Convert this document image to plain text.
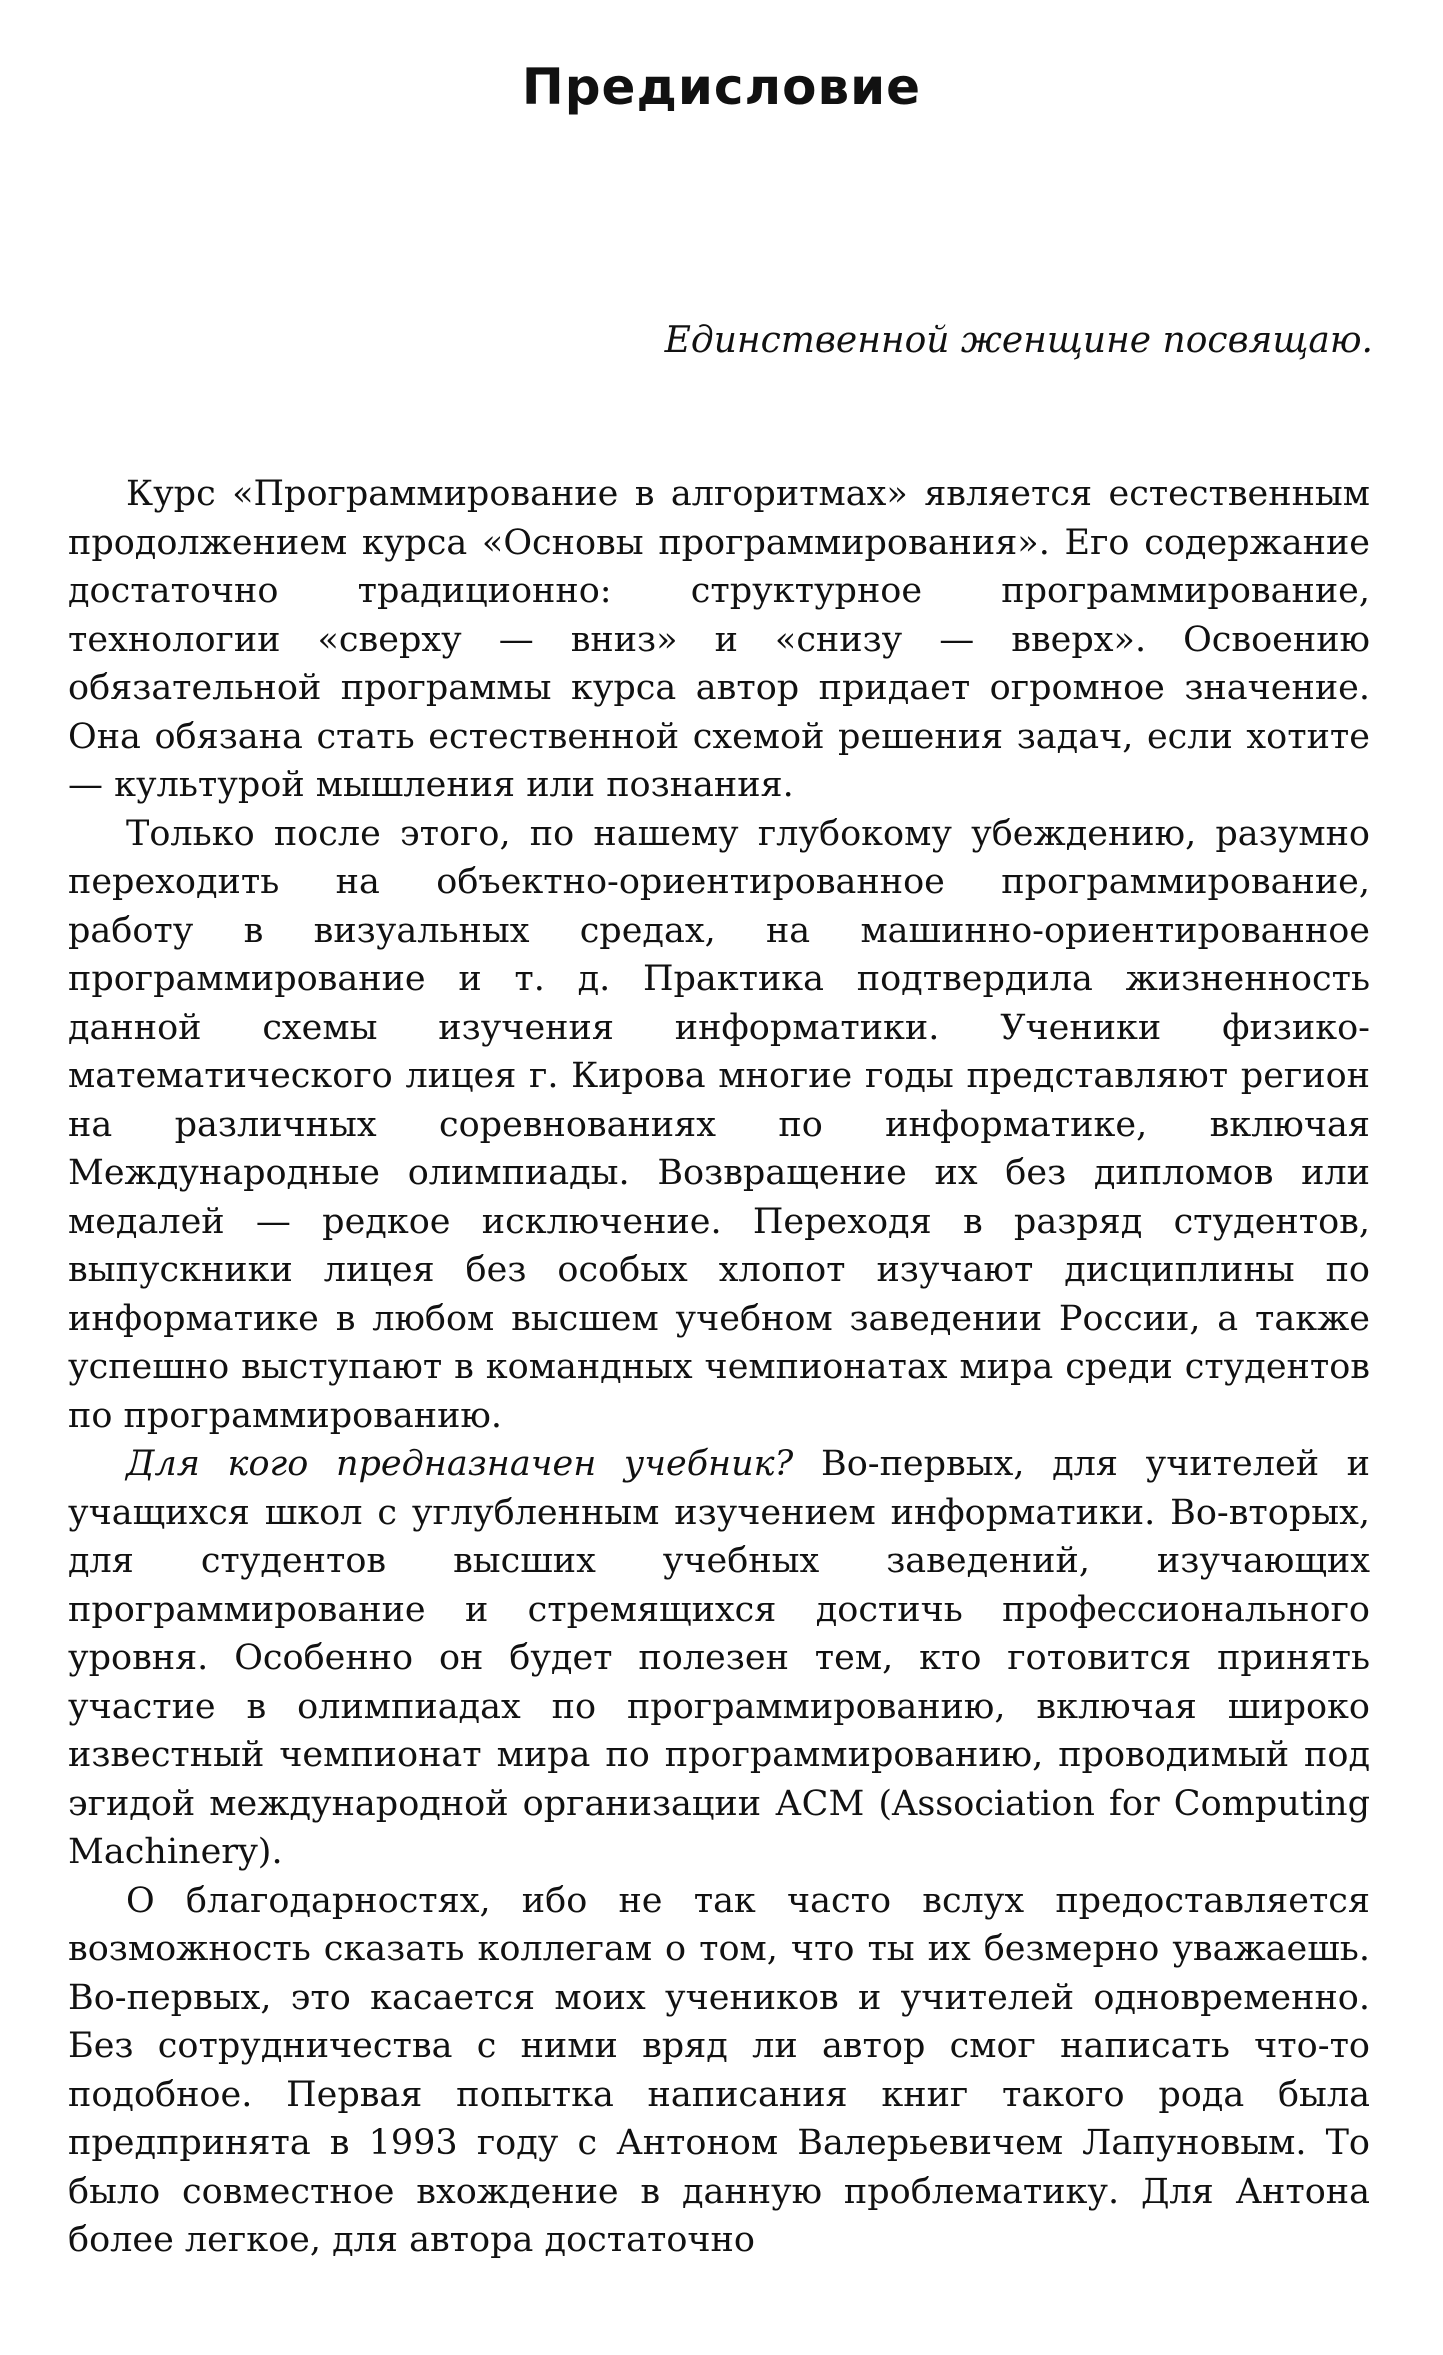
Предисловие

Единственной женщине посвящаю.

Курс «Программирование в алгоритмах» является естественным продолжением курса «Основы программирования». Его содержание достаточно традиционно: структурное программирование, технологии «сверху — вниз» и «снизу — вверх». Освоению обязательной программы курса автор придает огромное значение. Она обязана стать естественной схемой решения задач, если хотите — культурой мышления или познания.

Только после этого, по нашему глубокому убеждению, разумно переходить на объектно-ориентированное программирование, работу в визуальных средах, на машинно-ориентированное программирование и т. д. Практика подтвердила жизненность данной схемы изучения информатики. Ученики физико-математического лицея г. Кирова многие годы представляют регион на различных соревнованиях по информатике, включая Международные олимпиады. Возвращение их без дипломов или медалей — редкое исключение. Переходя в разряд студентов, выпускники лицея без особых хлопот изучают дисциплины по информатике в любом высшем учебном заведении России, а также успешно выступают в командных чемпионатах мира среди студентов по программированию.

Для кого предназначен учебник? Во-первых, для учителей и учащихся школ с углубленным изучением информатики. Во-вторых, для студентов высших учебных заведений, изучающих программирование и стремящихся достичь профессионального уровня. Особенно он будет полезен тем, кто готовится принять участие в олимпиадах по программированию, включая широко известный чемпионат мира по программированию, проводимый под эгидой международной организации АСМ (Association for Computing Machinery).

О благодарностях, ибо не так часто вслух предоставляется возможность сказать коллегам о том, что ты их безмерно уважаешь. Во-первых, это касается моих учеников и учителей одновременно. Без сотрудничества с ними вряд ли автор смог написать что-то подобное. Первая попытка написания книг такого рода была предпринята в 1993 году с Антоном Валерьевичем Лапуновым. То было совместное вхождение в данную проблематику. Для Антона более легкое, для автора достаточно
